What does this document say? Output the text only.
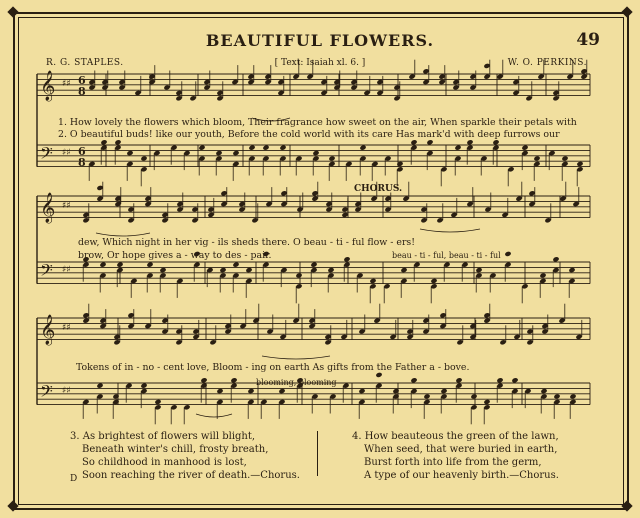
BEAUTIFUL FLOWERS.	49
R. G. STAPLES.	[ Text: Isaiah xl. 6. ]	W. O. PERKINS.
CHORUS.
𝄞 ♯♯
𝄞 ♯♯
𝄞 ♯♯
𝄢 ♯♯
𝄢 ♯♯
𝄢 ♯♯
6
8
6
8
1. How lovely the flowers which bloom, Their fragrance how sweet on the air, When sparkle their petals with
2. O beautiful buds! like our youth, Before the cold world with its care Has mark'd with deep furrows our
dew, Which night in her vig - ils sheds there. O beau - ti - ful flow - ers!
brow, Or hope gives a - way to des - pair.	beau - ti - ful, beau - ti - ful
Tokens of in - no - cent love, Bloom - ing on earth As gifts from the Father a - bove.
blooming, blooming
3. As brightest of flowers will blight,
Beneath winter's chill, frosty breath,
So childhood in manhood is lost,
Soon reaching the river of death.—Chorus.
4. How beauteous the green of the lawn,
When seed, that were buried in earth,
Burst forth into life from the germ,
A type of our heavenly birth.—Chorus.
D
